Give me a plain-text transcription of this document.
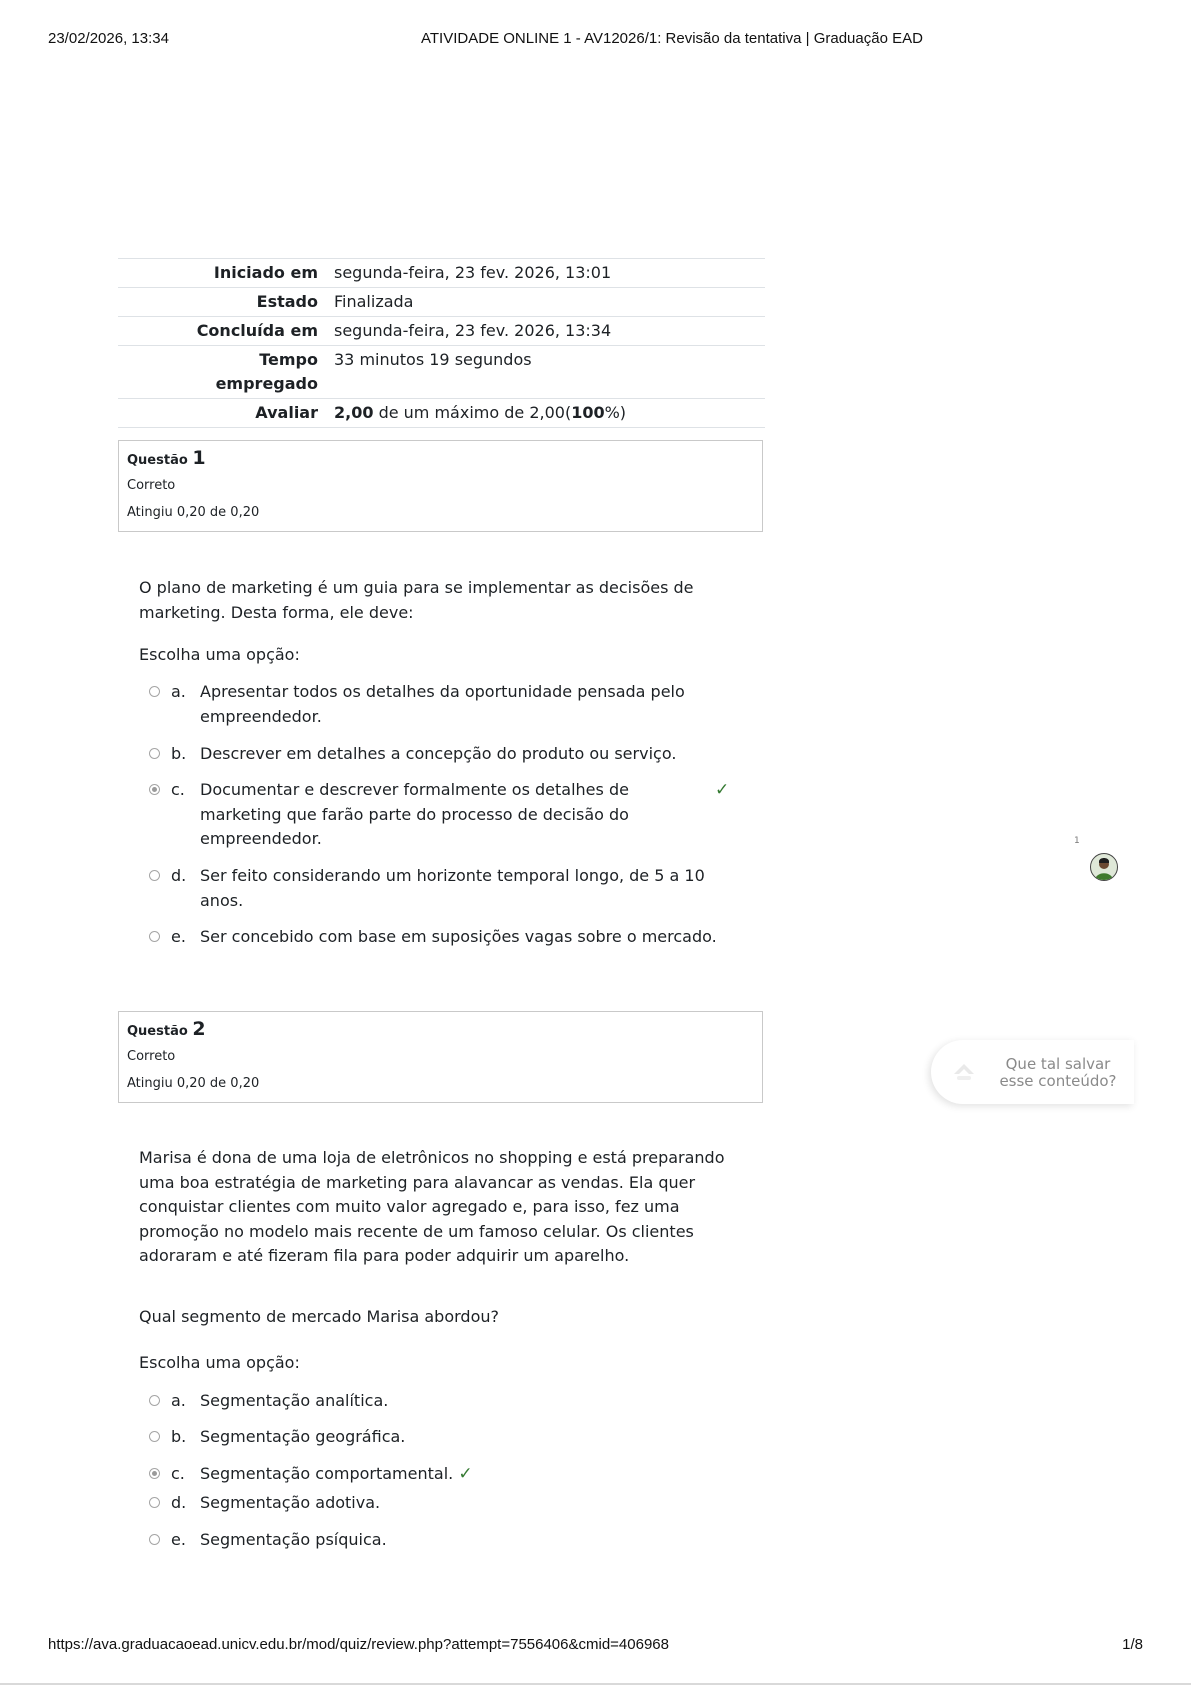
23/02/2026, 13:34	ATIVIDADE ONLINE 1 - AV12026/1: Revisão da tentativa | Graduação EAD
Iniciado em	segunda-feira, 23 fev. 2026, 13:01
Estado	Finalizada
Concluída em	segunda-feira, 23 fev. 2026, 13:34
Tempo empregado	33 minutos 19 segundos
Avaliar	2,00 de um máximo de 2,00(100%)
Questão 1
Correto
Atingiu 0,20 de 0,20
O plano de marketing é um guia para se implementar as decisões de marketing. Desta forma, ele deve:
Escolha uma opção:
a. Apresentar todos os detalhes da oportunidade pensada pelo empreendedor.
b. Descrever em detalhes a concepção do produto ou serviço.
c. Documentar e descrever formalmente os detalhes de marketing que farão parte do processo de decisão do empreendedor.
✓
d. Ser feito considerando um horizonte temporal longo, de 5 a 10 anos.
e. Ser concebido com base em suposições vagas sobre o mercado.
1
Questão 2
Correto
Atingiu 0,20 de 0,20
Que tal salvar esse conteúdo?
Marisa é dona de uma loja de eletrônicos no shopping e está preparando uma boa estratégia de marketing para alavancar as vendas. Ela quer conquistar clientes com muito valor agregado e, para isso, fez uma promoção no modelo mais recente de um famoso celular. Os clientes adoraram e até fizeram fila para poder adquirir um aparelho.
Qual segmento de mercado Marisa abordou?
Escolha uma opção:
a. Segmentação analítica.
b. Segmentação geográfica.
c. Segmentação comportamental. ✓
d. Segmentação adotiva.
e. Segmentação psíquica.
https://ava.graduacaoead.unicv.edu.br/mod/quiz/review.php?attempt=7556406&cmid=406968	1/8
